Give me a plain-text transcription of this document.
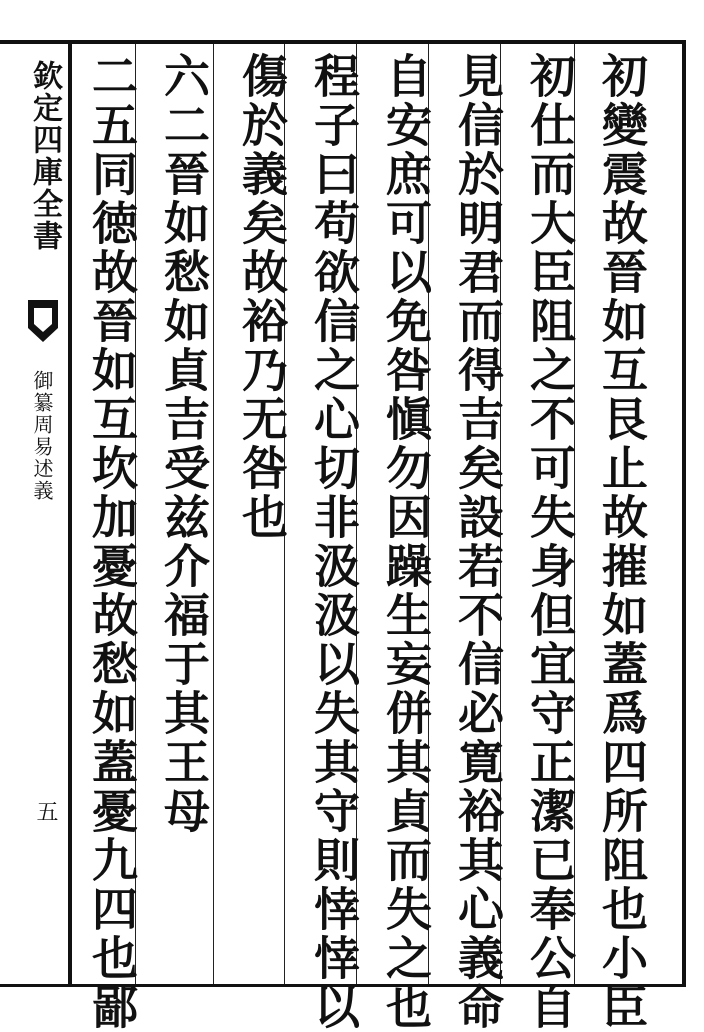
欽定四庫全書
御纂周易述義
五	初變震故晉如互艮止故摧如蓋爲四所阻也小臣
初仕而大臣阻之不可失身但宜守正潔已奉公自
見信於明君而得吉矣設若不信必寛裕其心義命
自安庶可以免咎愼勿因躁生妄併其貞而失之也
程子曰苟欲信之心切非汲汲以失其守則悻悻以
傷於義矣故裕乃无咎也
六二晉如愁如貞吉受兹介福于其王母
二五同徳故晉如互坎加憂故愁如蓋憂九四也鄙
